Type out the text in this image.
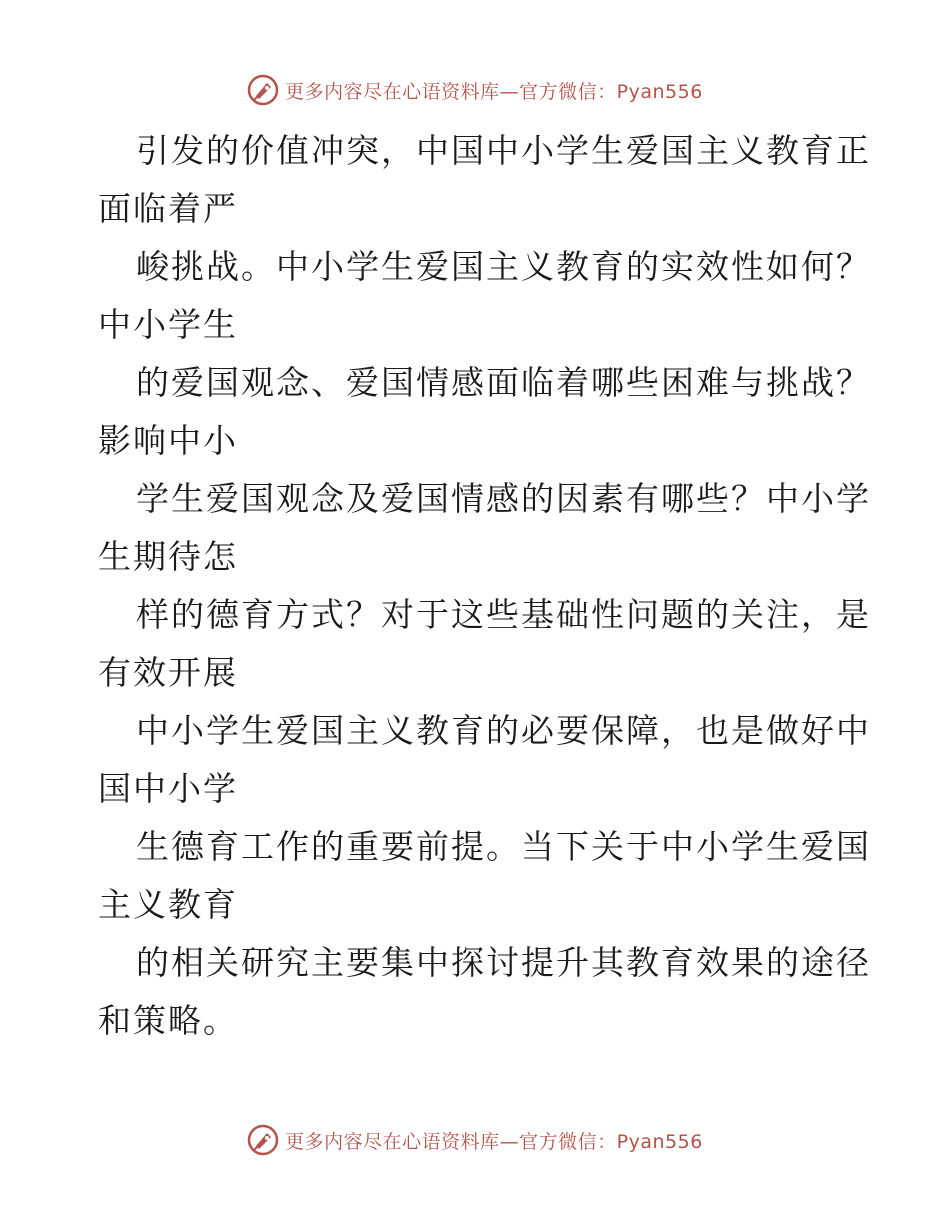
更多内容尽在心语资料库—官方微信：Pyan556

引发的价值冲突，中国中小学生爱国主义教育正

面临着严

峻挑战。中小学生爱国主义教育的实效性如何？

中小学生

的爱国观念、爱国情感面临着哪些困难与挑战？

影响中小

学生爱国观念及爱国情感的因素有哪些？中小学

生期待怎

样的德育方式？对于这些基础性问题的关注，是

有效开展

中小学生爱国主义教育的必要保障，也是做好中

国中小学

生德育工作的重要前提。当下关于中小学生爱国

主义教育

的相关研究主要集中探讨提升其教育效果的途径

和策略。

更多内容尽在心语资料库—官方微信：Pyan556
